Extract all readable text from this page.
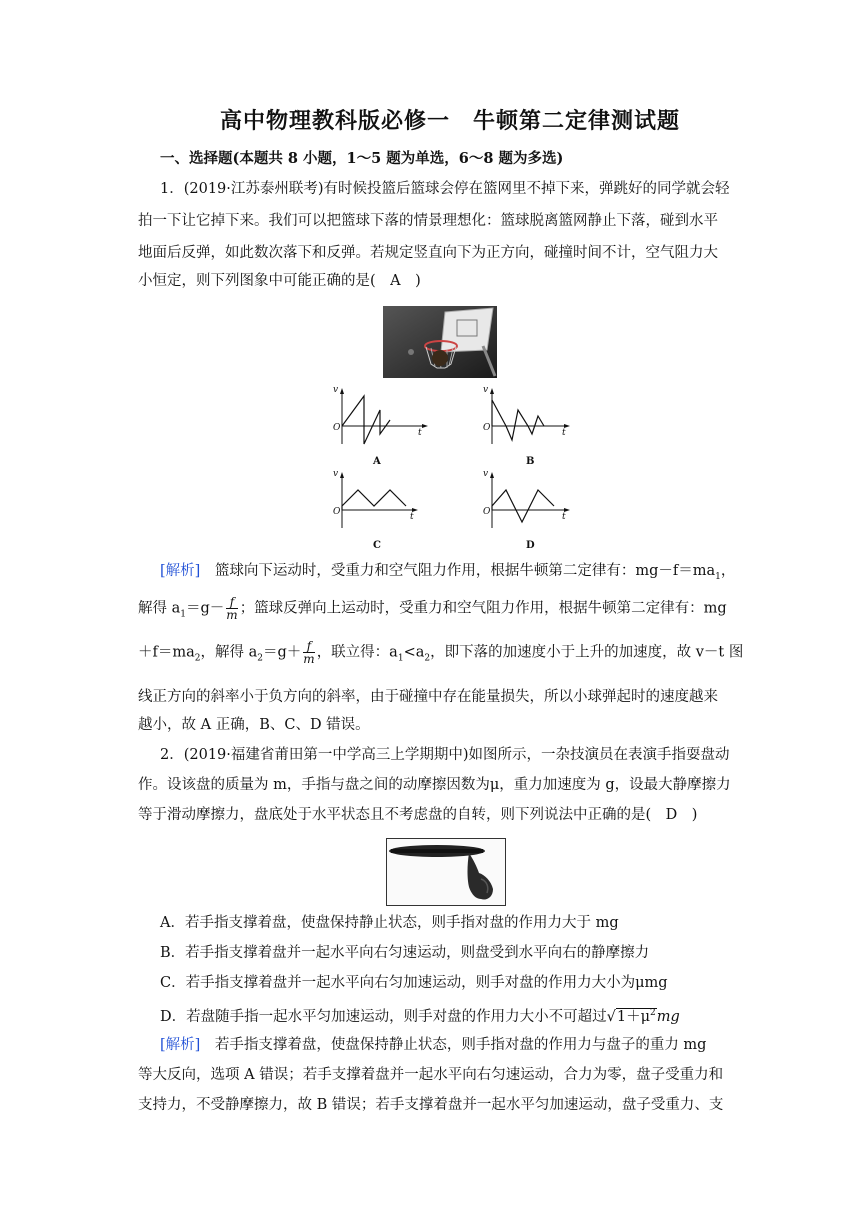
高中物理教科版必修一　牛顿第二定律测试题
一、选择题(本题共 8 小题，1～5 题为单选，6～8 题为多选)
1．(2019·江苏泰州联考)有时候投篮后篮球会停在篮网里不掉下来，弹跳好的同学就会轻
拍一下让它掉下来。我们可以把篮球下落的情景理想化：篮球脱离篮网静止下落，碰到水平
地面后反弹，如此数次落下和反弹。若规定竖直向下为正方向，碰撞时间不计，空气阻力大
小恒定，则下列图象中可能正确的是(　A　)
v
O	t
A
v
O	t
B
v
O	t
C
v
O	t
D
[解析]　 篮球向下运动时，受重力和空气阻力作用，根据牛顿第二定律有：$mg-f=ma_1$，
解得 $a_1=g- \frac{f}{m}$ ；篮球反弹向上运动时，受重力和空气阻力作用，根据牛顿第二定律有：mg
$+f=ma_2$，解得 $a_2=g+ \frac{f}{m}$ ，联立得：$a_1<a_2$，即下落的加速度小于上升的加速度，故 v－t 图
线正方向的斜率小于负方向的斜率，由于碰撞中存在能量损失，所以小球弹起时的速度越来
越小，故 A 正确，B、C、D 错误。
2．(2019·福建省莆田第一中学高三上学期期中)如图所示，一杂技演员在表演手指耍盘动
作。设该盘的质量为 m，手指与盘之间的动摩擦因数为μ，重力加速度为 g，设最大静摩擦力
等于滑动摩擦力，盘底处于水平状态且不考虑盘的自转，则下列说法中正确的是(　D　)
A．若手指支撑着盘，使盘保持静止状态，则手指对盘的作用力大于 mg
B．若手指支撑着盘并一起水平向右匀速运动，则盘受到水平向右的静摩擦力
C．若手指支撑着盘并一起水平向右匀加速运动，则手对盘的作用力大小为μmg
D．若盘随手指一起水平匀加速运动，则手对盘的作用力大小不可超过$√1+\mu^2mg$
[解析]　 若手指支撑着盘，使盘保持静止状态，则手指对盘的作用力与盘子的重力 mg
等大反向，选项 A 错误；若手支撑着盘并一起水平向右匀速运动，合力为零，盘子受重力和
支持力，不受静摩擦力，故 B 错误；若手支撑着盘并一起水平匀加速运动，盘子受重力、支
